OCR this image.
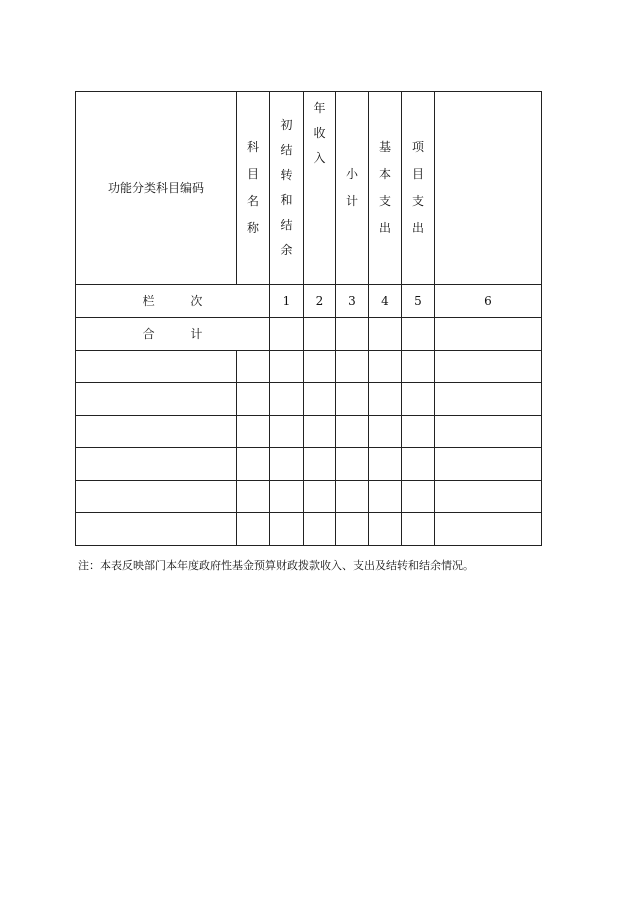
功能分类科目编码	科目名称	初结转和结余	年收入	小计	基本支出	项目支出	
栏 次		1	2	3	4	5	6
合 计							

注：本表反映部门本年度政府性基金预算财政拨款收入、支出及结转和结余情况。
